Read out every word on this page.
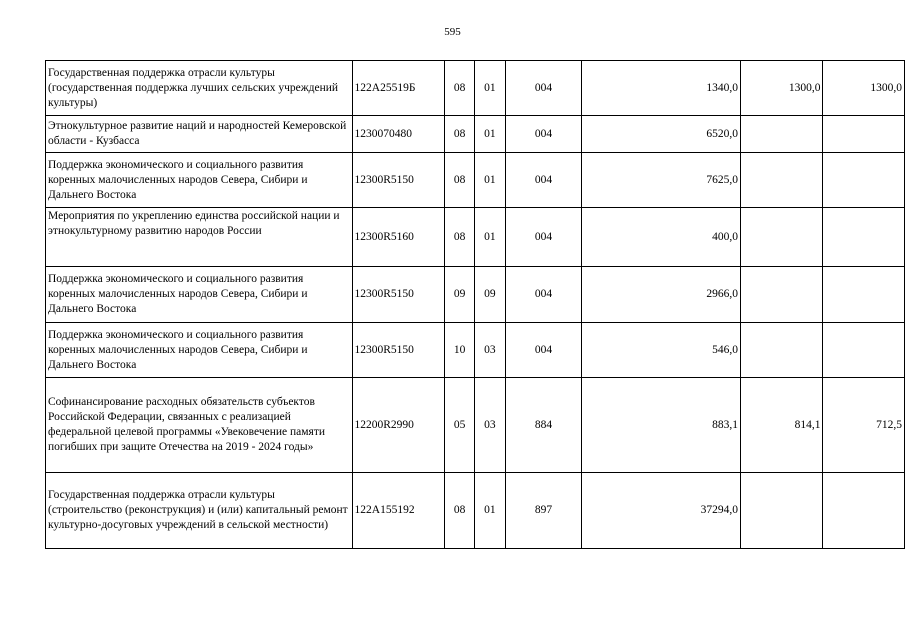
595
Государственная поддержка отрасли культуры (государственная поддержка лучших сельских учреждений культуры)	122A25519Б	08	01	004	1340,0	1300,0	1300,0
Этнокультурное развитие наций и народностей Кемеровской области - Кузбасса	1230070480	08	01	004	6520,0		
Поддержка экономического и социального развития коренных малочисленных народов Севера, Сибири и Дальнего Востока	12300R5150	08	01	004	7625,0		
Мероприятия по укреплению единства российской нации и этнокультурному развитию народов России	12300R5160	08	01	004	400,0		
Поддержка экономического и социального развития коренных малочисленных народов Севера, Сибири и Дальнего Востока	12300R5150	09	09	004	2966,0		
Поддержка экономического и социального развития коренных малочисленных народов Севера, Сибири и Дальнего Востока	12300R5150	10	03	004	546,0		
Софинансирование расходных обязательств субъектов Российской Федерации, связанных с реализацией федеральной целевой программы «Увековечение памяти погибших при защите Отечества на 2019 - 2024 годы»	12200R2990	05	03	884	883,1	814,1	712,5
Государственная поддержка отрасли культуры (строительство (реконструкция) и (или) капитальный ремонт культурно-досуговых учреждений в сельской местности)	122A155192	08	01	897	37294,0		
